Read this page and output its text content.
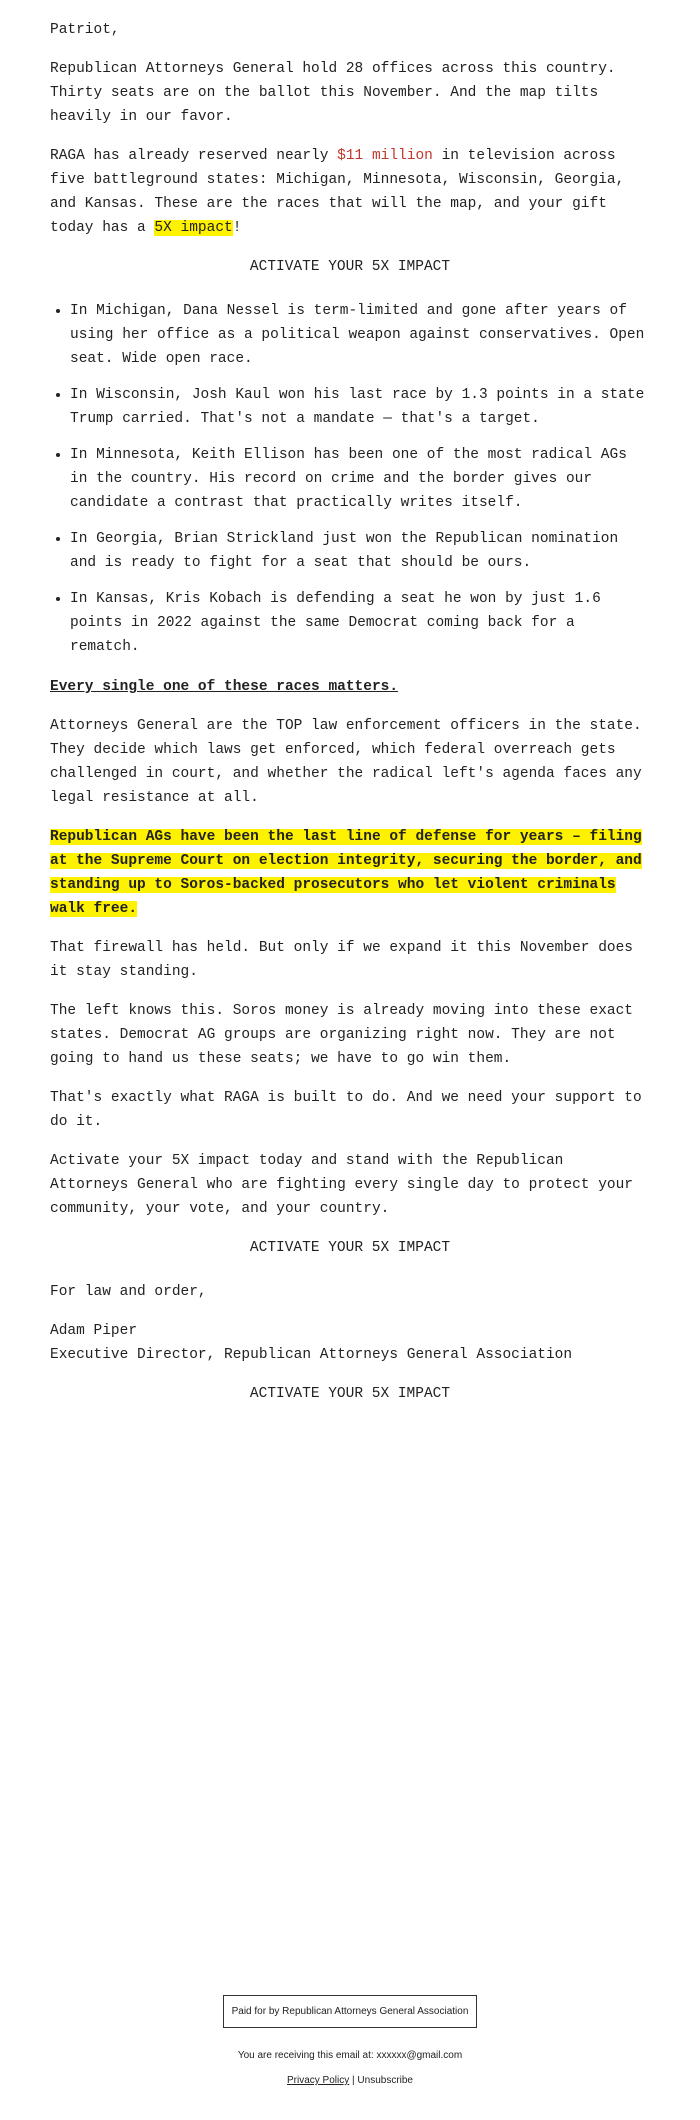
Patriot,

Republican Attorneys General hold 28 offices across this country. Thirty seats are on the ballot this November. And the map tilts heavily in our favor.

RAGA has already reserved nearly $11 million in television across five battleground states: Michigan, Minnesota, Wisconsin, Georgia, and Kansas. These are the races that will the map, and your gift today has a 5X impact!

ACTIVATE YOUR 5X IMPACT
• In Michigan, Dana Nessel is term-limited and gone after years of using her office as a political weapon against conservatives. Open seat. Wide open race.
• In Wisconsin, Josh Kaul won his last race by 1.3 points in a state Trump carried. That's not a mandate — that's a target.
• In Minnesota, Keith Ellison has been one of the most radical AGs in the country. His record on crime and the border gives our candidate a contrast that practically writes itself.
• In Georgia, Brian Strickland just won the Republican nomination and is ready to fight for a seat that should be ours.
• In Kansas, Kris Kobach is defending a seat he won by just 1.6 points in 2022 against the same Democrat coming back for a rematch.

Every single one of these races matters.

Attorneys General are the TOP law enforcement officers in the state. They decide which laws get enforced, which federal overreach gets challenged in court, and whether the radical left's agenda faces any legal resistance at all.

Republican AGs have been the last line of defense for years – filing at the Supreme Court on election integrity, securing the border, and standing up to Soros-backed prosecutors who let violent criminals walk free.

That firewall has held. But only if we expand it this November does it stay standing.

The left knows this. Soros money is already moving into these exact states. Democrat AG groups are organizing right now. They are not going to hand us these seats; we have to go win them.

That's exactly what RAGA is built to do. And we need your support to do it.

Activate your 5X impact today and stand with the Republican Attorneys General who are fighting every single day to protect your community, your vote, and your country.

ACTIVATE YOUR 5X IMPACT

For law and order,

Adam Piper
Executive Director, Republican Attorneys General Association

ACTIVATE YOUR 5X IMPACT
Paid for by Republican Attorneys General Association
You are receiving this email at: xxxxxx@gmail.com
Privacy Policy | Unsubscribe
